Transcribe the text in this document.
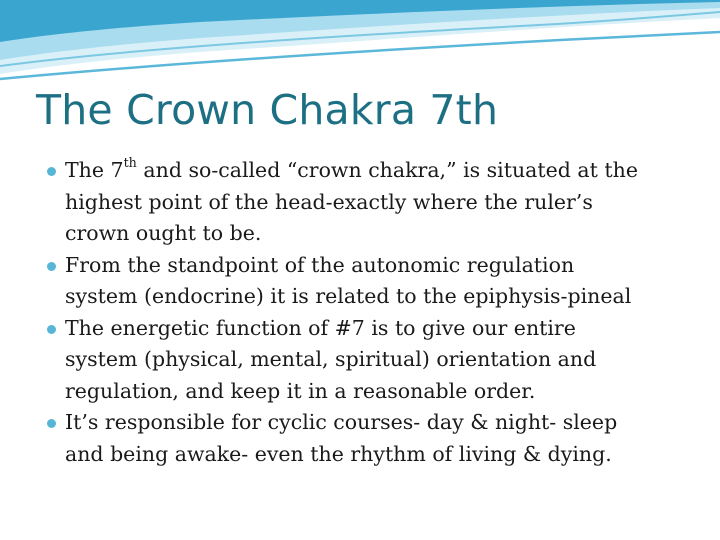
The Crown Chakra 7th
The 7th and so-called “crown chakra,” is situated at the
highest point of the head-exactly where the ruler’s
crown ought to be.
From the standpoint of the autonomic regulation
system (endocrine) it is related to the epiphysis-pineal
The energetic function of #7 is to give our entire
system (physical, mental, spiritual) orientation and
regulation, and keep it in a reasonable order.
It’s responsible for cyclic courses- day & night- sleep
and being awake- even the rhythm of living & dying.
